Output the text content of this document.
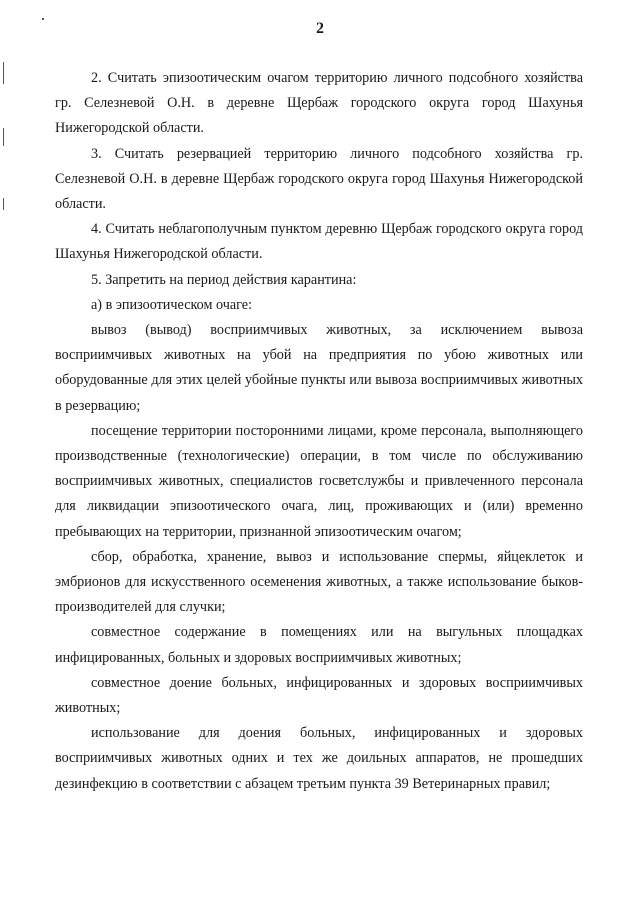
2

2. Считать эпизоотическим очагом территорию личного подсобного хозяйства гр. Селезневой О.Н. в деревне Щербаж городского округа город Шахунья Нижегородской области.

3. Считать резервацией территорию личного подсобного хозяйства гр. Селезневой О.Н. в деревне Щербаж городского округа город Шахунья Нижегородской области.

4. Считать неблагополучным пунктом деревню Щербаж городского округа город Шахунья Нижегородской области.

5. Запретить на период действия карантина:

а) в эпизоотическом очаге:

вывоз (вывод) восприимчивых животных, за исключением вывоза восприимчивых животных на убой на предприятия по убою животных или оборудованные для этих целей убойные пункты или вывоза восприимчивых животных в резервацию;

посещение территории посторонними лицами, кроме персонала, выполняющего производственные (технологические) операции, в том числе по обслуживанию восприимчивых животных, специалистов госветслужбы и привлеченного персонала для ликвидации эпизоотического очага, лиц, проживающих и (или) временно пребывающих на территории, признанной эпизоотическим очагом;

сбор, обработка, хранение, вывоз и использование спермы, яйцеклеток и эмбрионов для искусственного осеменения животных, а также использование быков-производителей для случки;

совместное содержание в помещениях или на выгульных площадках инфицированных, больных и здоровых восприимчивых животных;

совместное доение больных, инфицированных и здоровых восприимчивых животных;

использование для доения больных, инфицированных и здоровых восприимчивых животных одних и тех же доильных аппаратов, не прошедших дезинфекцию в соответствии с абзацем третьим пункта 39 Ветеринарных правил;
